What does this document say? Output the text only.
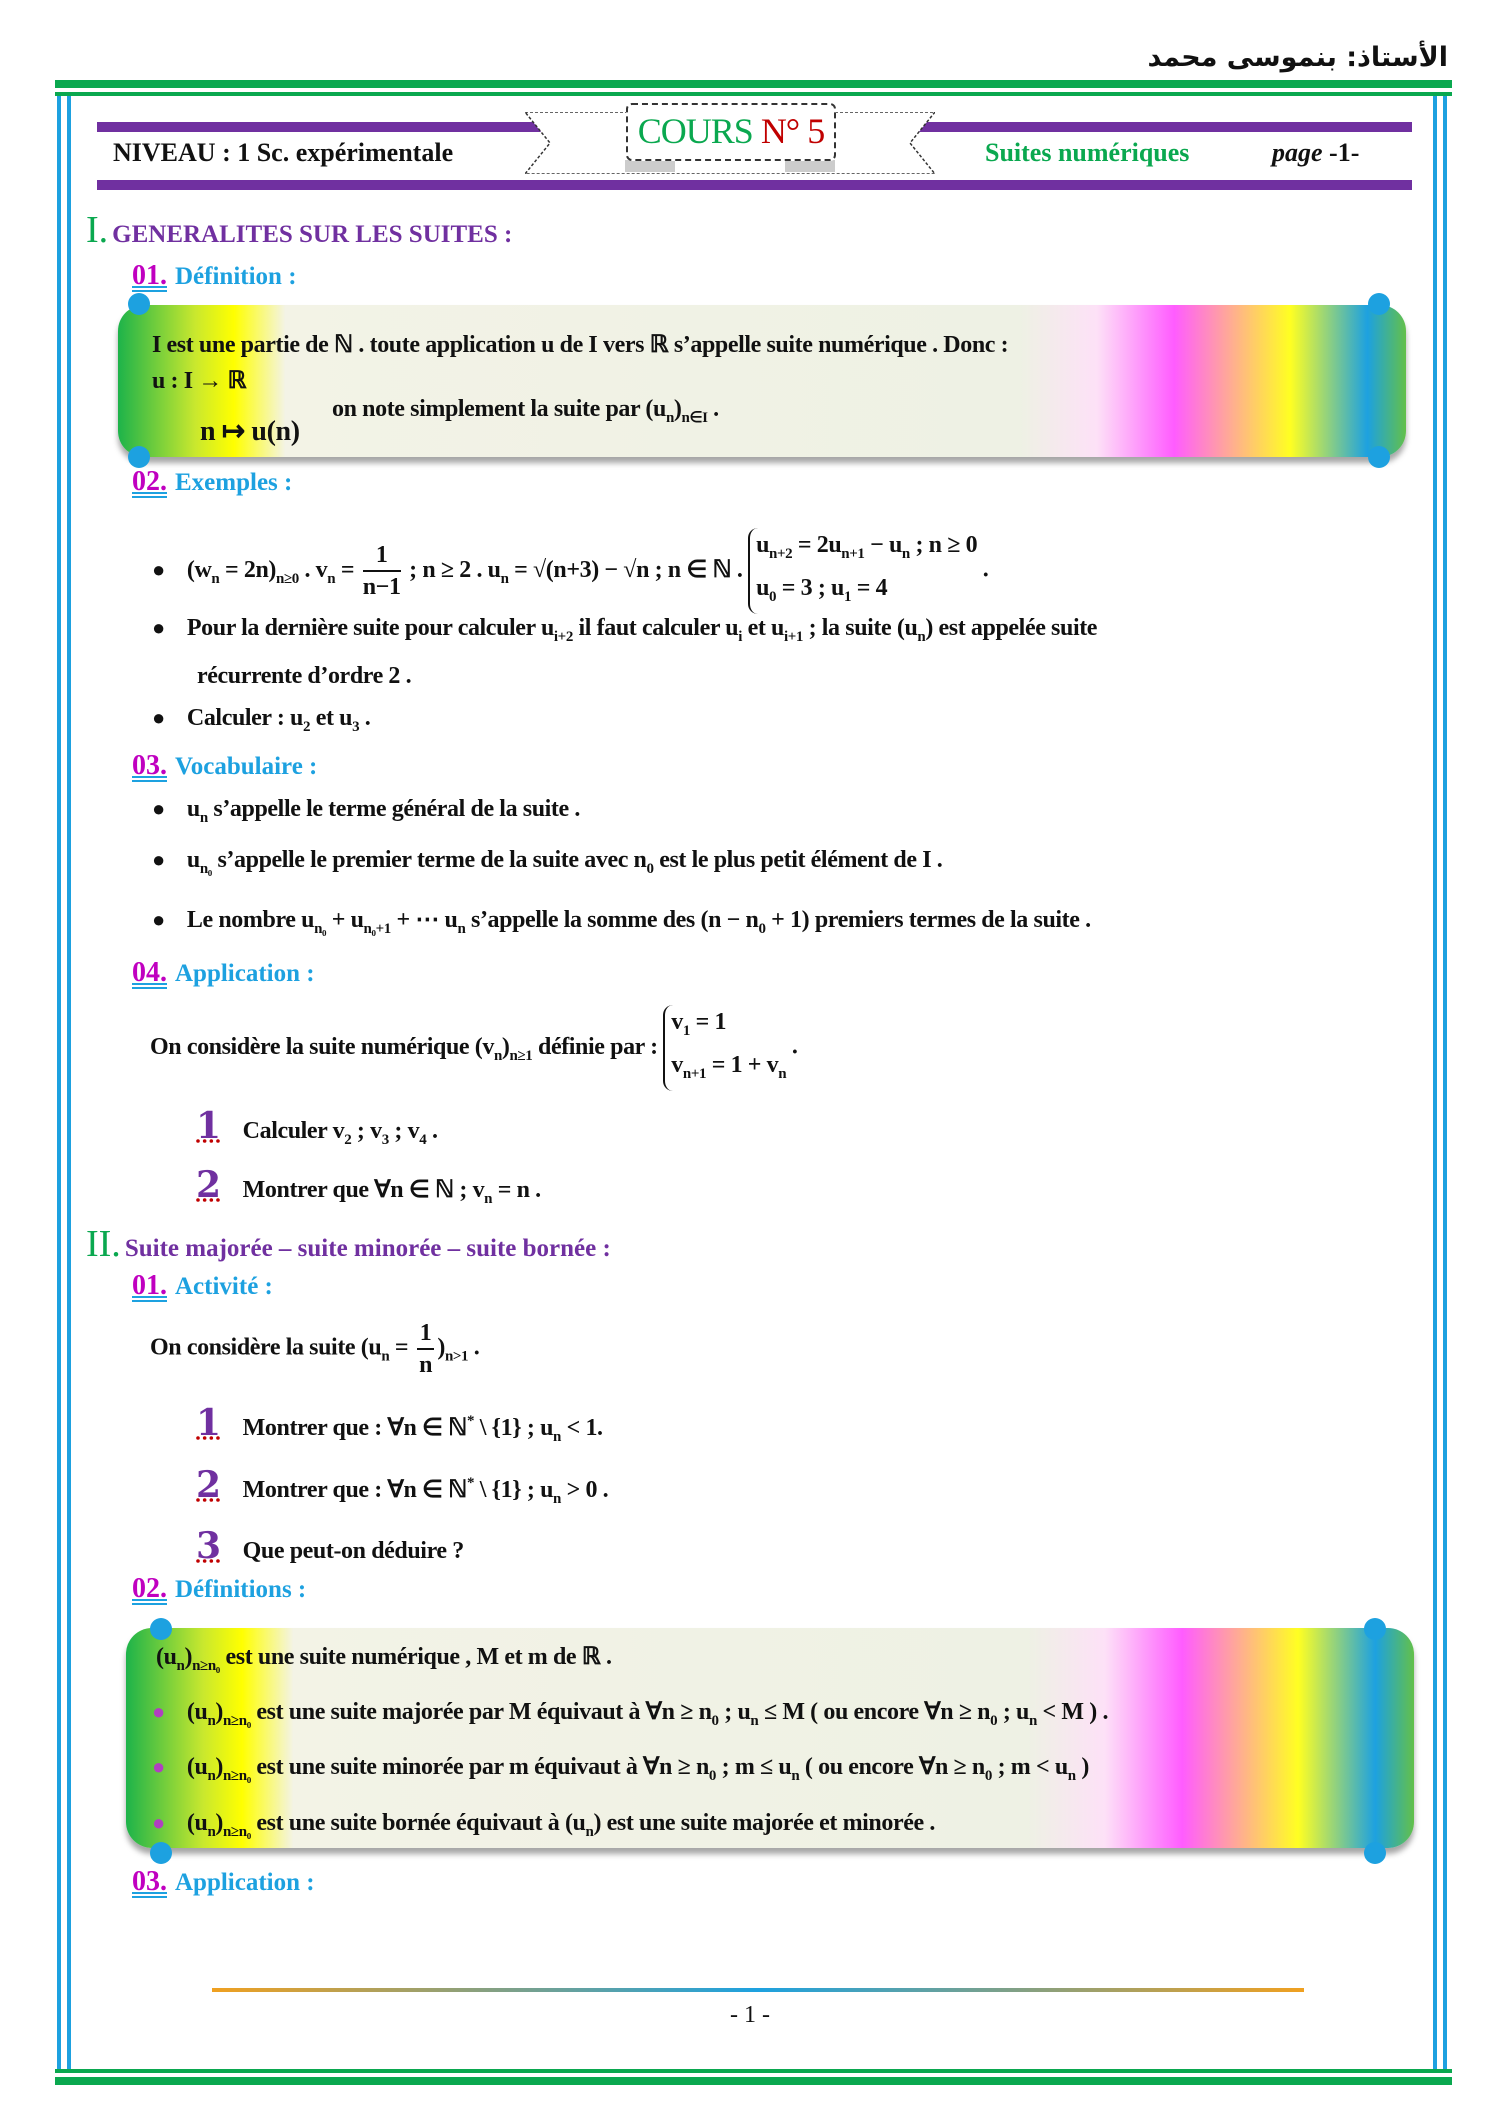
الأستاذ: بنموسى محمد
COURS N° 5
NIVEAU : 1 Sc. expérimentale	Suites numériques	page -1-
I. GENERALITES SUR LES SUITES :
01. Définition :
I est une partie de ℕ . toute application u de I vers ℝ s’appelle suite numérique . Donc :
u : I → ℝ
n ↦ u(n)
on note simplement la suite par $(u_n)_{n\in I}$ .
02. Exemples :
● $(w_n = 2n)_{n\ge 0}$ . $v_n = \frac{1}{n-1}$ ; n ≥ 2 . $u_n = √(n+3) - √n$ ; n ∈ ℕ .
$u_{n+2} = 2u_{n+1} - u_n$ ; n ≥ 0
$u_0 = 3$ ; $u_1 = 4$
.
● Pour la dernière suite pour calculer $u_{i+2}$ il faut calculer $u_i$ et $u_{i+1}$ ; la suite $(u_n)$ est appelée suite
récurrente d’ordre 2 .
● Calculer : $u_2$ et $u_3$ .
03. Vocabulaire :
● $u_n$ s’appelle le terme général de la suite .
● $u_{n_0}$ s’appelle le premier terme de la suite avec $n_0$ est le plus petit élément de I .
● Le nombre $u_{n_0} + u_{n_0+1}$ + ⋯ $u_n$ s’appelle la somme des $(n - n_0 + 1)$ premiers termes de la suite .
04. Application :
On considère la suite numérique $(v_n)_{n\ge 1}$ définie par :
$v_1 = 1$
$v_{n+1} = 1 + v_n$
.
1 Calculer $v_2$ ; $v_3$ ; $v_4$ .
2 Montrer que ∀n ∈ ℕ ; $v_n = n$ .
II. Suite majorée – suite minorée – suite bornée :
01. Activité :
On considère la suite $(u_n = \frac{1}{n} )_{n>1}$ .
1 Montrer que : ∀n ∈ ℕ* \ {1} ; $u_n < 1$.
2 Montrer que : ∀n ∈ ℕ* \ {1} ; $u_n > 0$ .
3 Que peut-on déduire ?
02. Définitions :
$(u_n)_{n\ge n_0}$ est une suite numérique , M et m de ℝ .
● $(u_n)_{n\ge n_0}$ est une suite majorée par M équivaut à ∀n ≥ $n_0$ ; $u_n \le M$ ( ou encore ∀n ≥ $n_0$ ; $u_n < M$ ) .
● $(u_n)_{n\ge n_0}$ est une suite minorée par m équivaut à ∀n ≥ $n_0$ ; $m \le u_n$ ( ou encore ∀n ≥ $n_0$ ; $m < u_n$ )
● $(u_n)_{n\ge n_0}$ est une suite bornée équivaut à $(u_n)$ est une suite majorée et minorée .
03. Application :
- 1 -
